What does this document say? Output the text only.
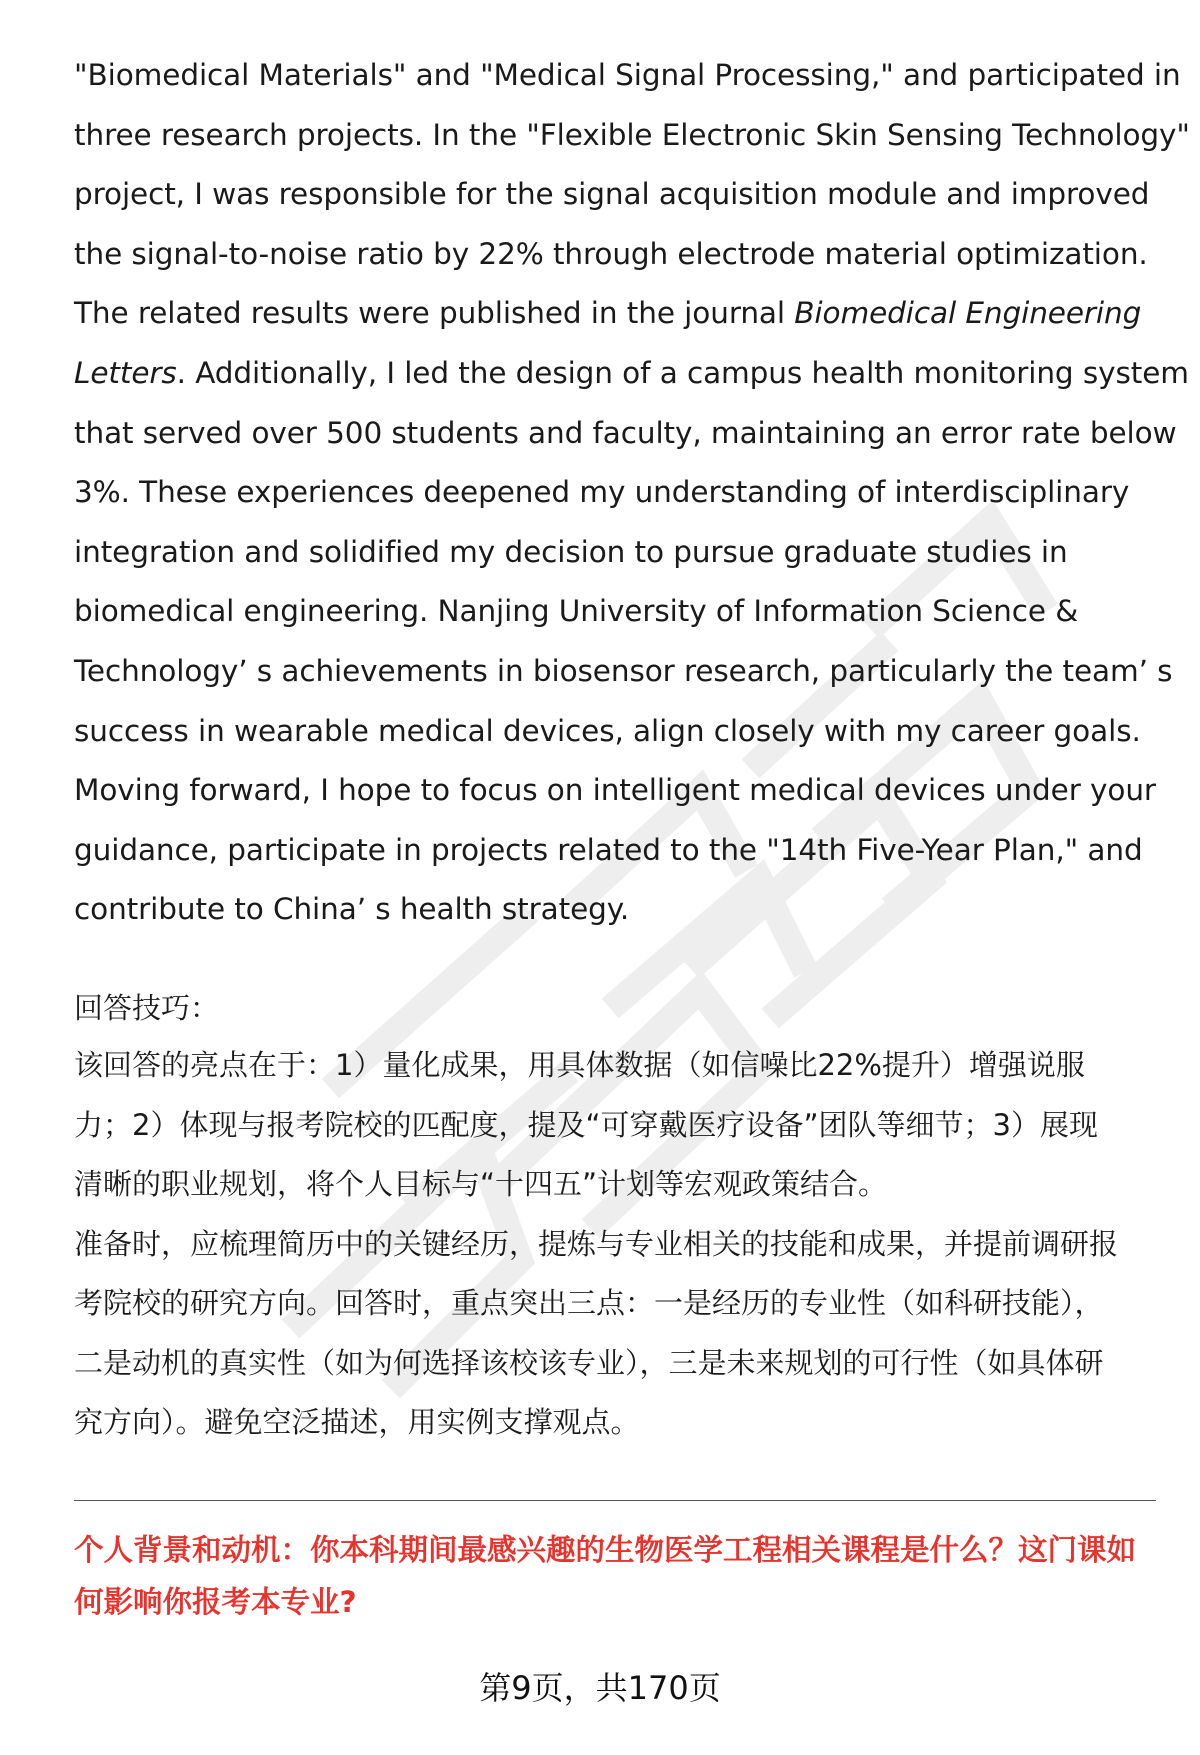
"Biomedical Materials" and "Medical Signal Processing," and participated in
three research projects. In the "Flexible Electronic Skin Sensing Technology"
project, I was responsible for the signal acquisition module and improved
the signal-to-noise ratio by 22% through electrode material optimization.
The related results were published in the journal Biomedical Engineering
Letters. Additionally, I led the design of a campus health monitoring system
that served over 500 students and faculty, maintaining an error rate below
3%. These experiences deepened my understanding of interdisciplinary
integration and solidified my decision to pursue graduate studies in
biomedical engineering. Nanjing University of Information Science &
Technology’ s achievements in biosensor research, particularly the team’ s
success in wearable medical devices, align closely with my career goals.
Moving forward, I hope to focus on intelligent medical devices under your
guidance, participate in projects related to the "14th Five-Year Plan," and
contribute to China’ s health strategy.

回答技巧：

该回答的亮点在于：1）量化成果，用具体数据（如信噪比22%提升）增强说服
力；2）体现与报考院校的匹配度，提及“可穿戴医疗设备”团队等细节；3）展现
清晰的职业规划，将个人目标与“十四五”计划等宏观政策结合。

准备时，应梳理简历中的关键经历，提炼与专业相关的技能和成果，并提前调研报
考院校的研究方向。回答时，重点突出三点：一是经历的专业性（如科研技能），
二是动机的真实性（如为何选择该校该专业），三是未来规划的可行性（如具体研
究方向）。避免空泛描述，用实例支撑观点。

个人背景和动机：你本科期间最感兴趣的生物医学工程相关课程是什么？这门课如
何影响你报考本专业?
第9页，共170页
